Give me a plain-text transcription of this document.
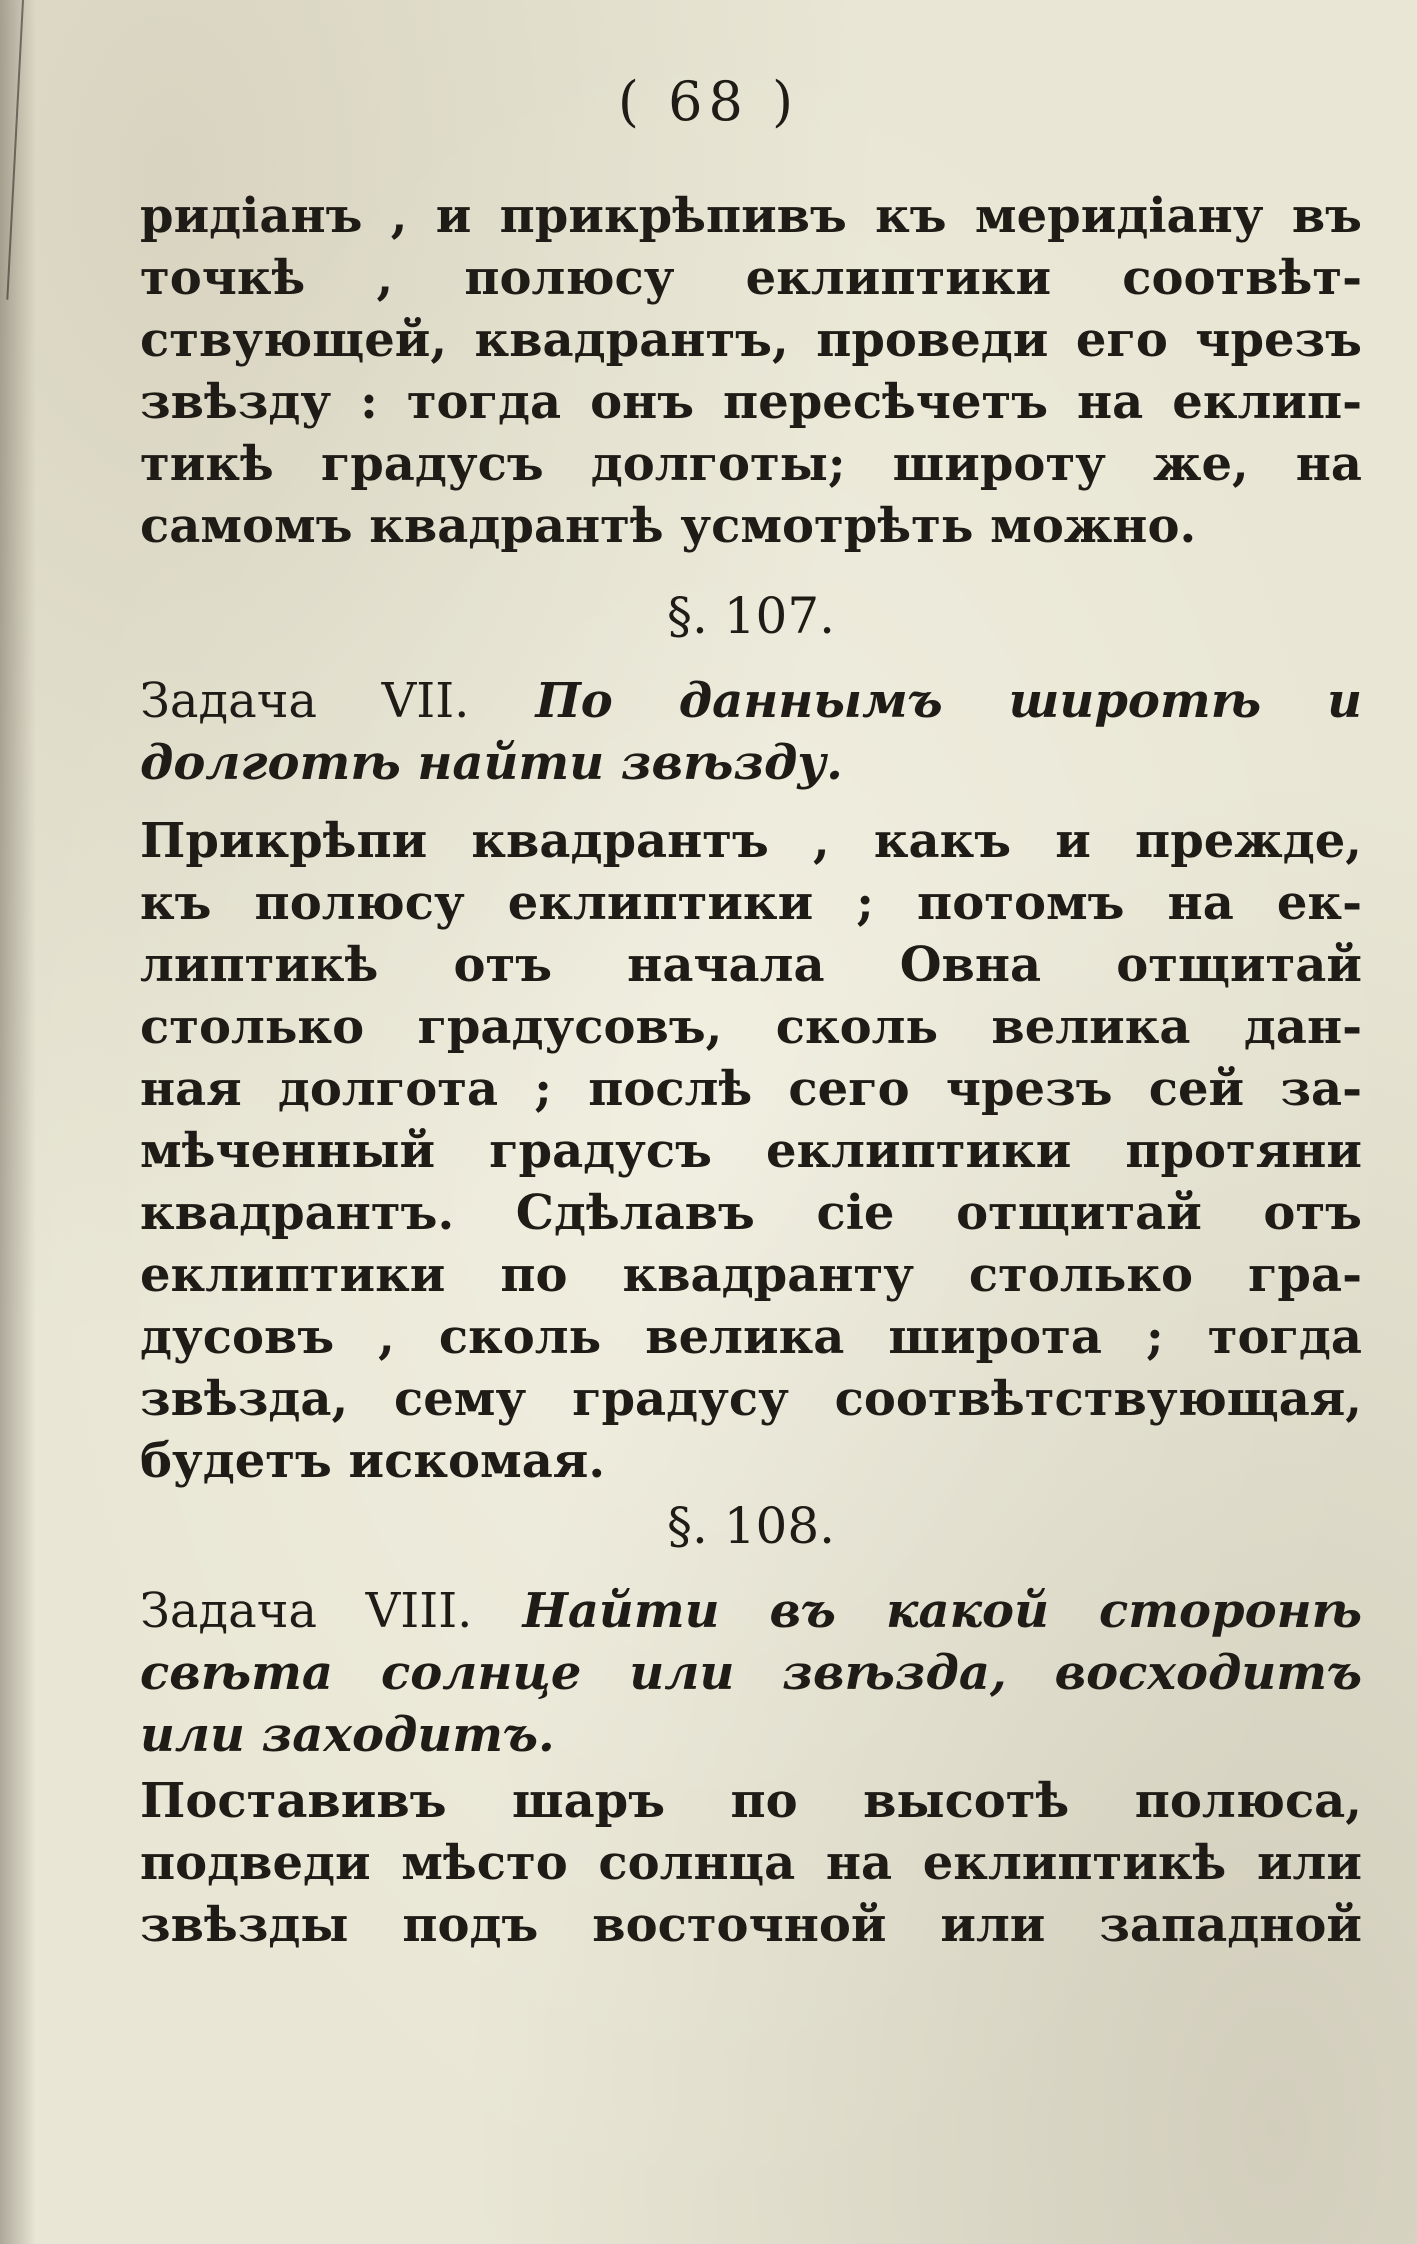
( 68 )
ридiанъ , и прикрѣпивъ къ меридiану въ
точкѣ , полюсу еклиптики соотвѣт-
ствующей, квадрантъ, проведи его чрезъ
звѣзду : тогда онъ пересѣчетъ на еклип-
тикѣ градусъ долготы; широту же, на
самомъ квадрантѣ усмотрѣть можно.
§. 107.
Задача VII. По даннымъ широтѣ и
долготѣ найти звѣзду.
Прикрѣпи квадрантъ , какъ и прежде,
къ полюсу еклиптики ; потомъ на ек-
липтикѣ отъ начала Овна отщитай
столько градусовъ, сколь велика дан-
ная долгота ; послѣ сего чрезъ сей за-
мѣченный градусъ еклиптики протяни
квадрантъ. Сдѣлавъ сiе отщитай отъ
еклиптики по квадранту столько гра-
дусовъ , сколь велика широта ; тогда
звѣзда, сему градусу соотвѣтствующая,
будетъ искомая.
§. 108.
Задача VIII. Найти въ какой сторонѣ
свѣта солнце или звѣзда, восходитъ
или заходитъ.
Поставивъ шаръ по высотѣ полюса,
подведи мѣсто солнца на еклиптикѣ или
звѣзды подъ восточной или западной
